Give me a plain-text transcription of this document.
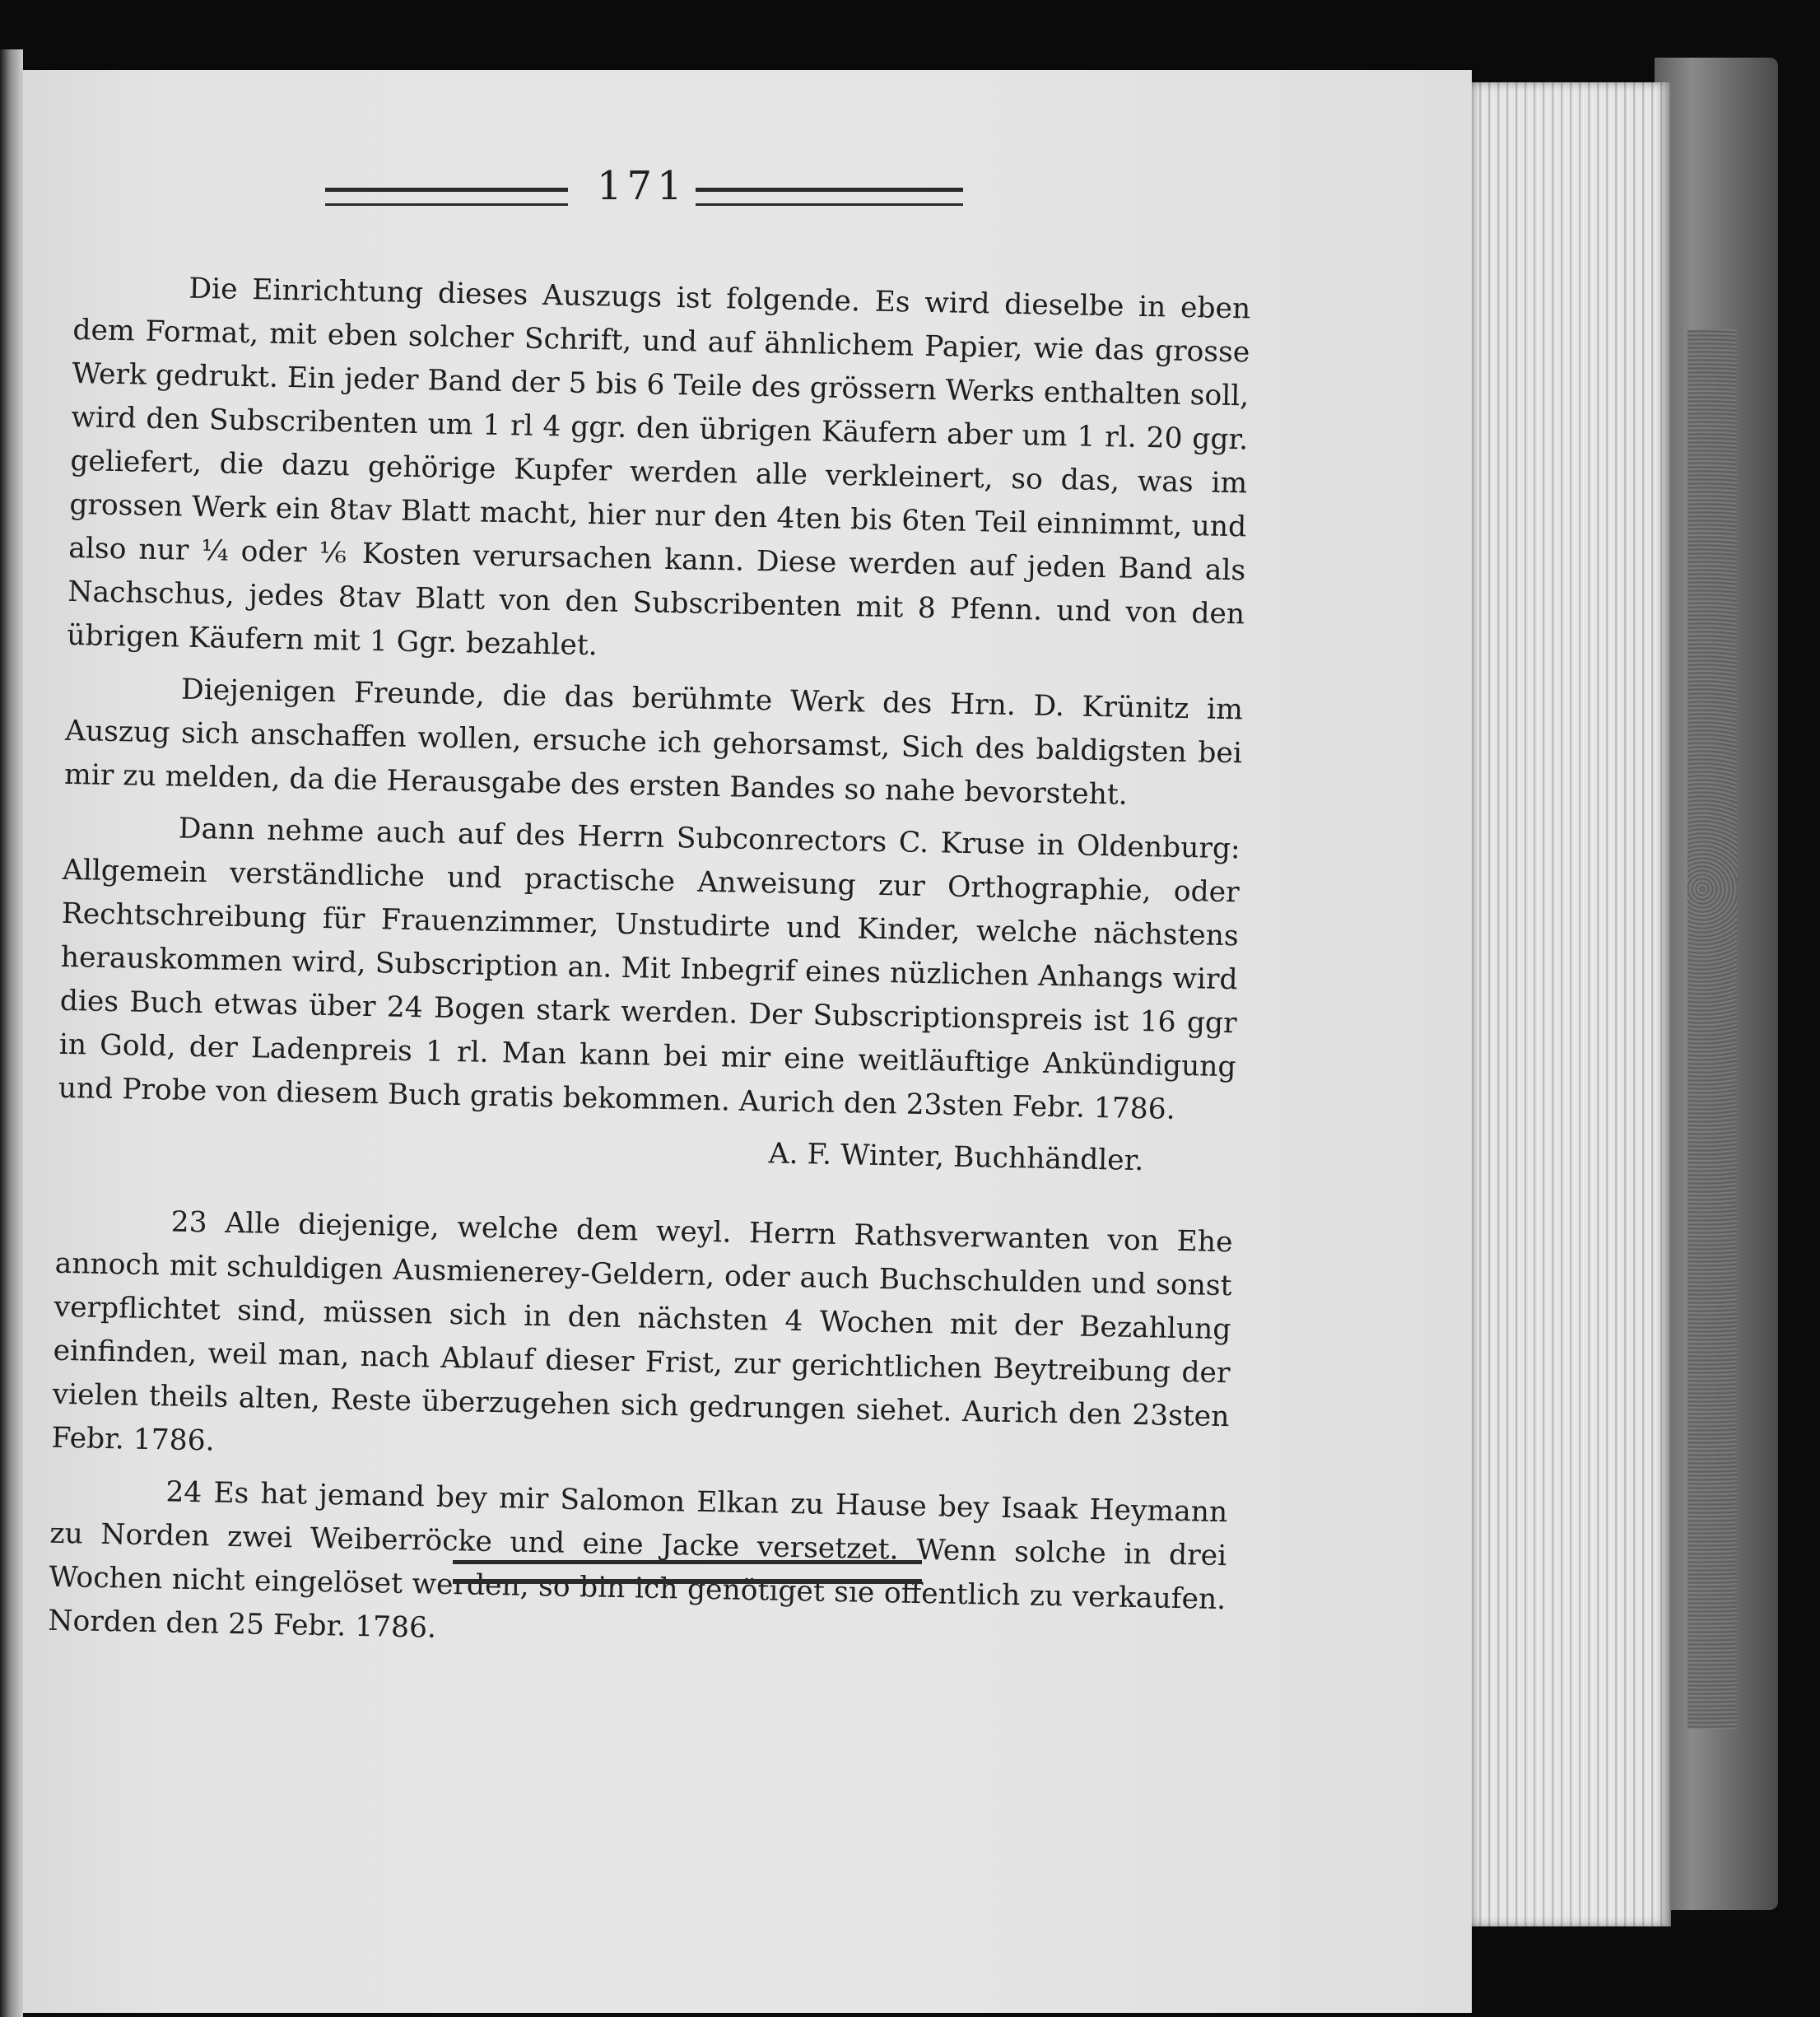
171

Die Einrichtung dieses Auszugs ist folgende. Es wird dieselbe in eben dem Format, mit eben solcher Schrift, und auf ähnlichem Papier, wie das grosse Werk gedrukt. Ein jeder Band der 5 bis 6 Teile des grössern Werks enthalten soll, wird den Subscribenten um 1 rl 4 ggr. den übrigen Käufern aber um 1 rl. 20 ggr. geliefert, die dazu gehörige Kupfer werden alle verkleinert, so das, was im grossen Werk ein 8tav Blatt macht, hier nur den 4ten bis 6ten Teil einnimmt, und also nur ¼ oder ⅙ Kosten verursachen kann. Diese werden auf jeden Band als Nachschus, jedes 8tav Blatt von den Subscribenten mit 8 Pfenn. und von den übrigen Käufern mit 1 Ggr. bezahlet.

Diejenigen Freunde, die das berühmte Werk des Hrn. D. Krünitz im Auszug sich anschaffen wollen, ersuche ich gehorsamst, Sich des baldigsten bei mir zu melden, da die Herausgabe des ersten Bandes so nahe bevorsteht.

Dann nehme auch auf des Herrn Subconrectors C. Kruse in Oldenburg: Allgemein verständliche und practische Anweisung zur Orthographie, oder Rechtschreibung für Frauenzimmer, Unstudirte und Kinder, welche nächstens herauskommen wird, Subscription an. Mit Inbegrif eines nüzlichen Anhangs wird dies Buch etwas über 24 Bogen stark werden. Der Subscriptionspreis ist 16 ggr in Gold, der Ladenpreis 1 rl. Man kann bei mir eine weitläuftige Ankündigung und Probe von diesem Buch gratis bekommen. Aurich den 23sten Febr. 1786.

A. F. Winter, Buchhändler.

23 Alle diejenige, welche dem weyl. Herrn Rathsverwanten von Ehe annoch mit schuldigen Ausmienerey-Geldern, oder auch Buchschulden und sonst verpflichtet sind, müssen sich in den nächsten 4 Wochen mit der Bezahlung einfinden, weil man, nach Ablauf dieser Frist, zur gerichtlichen Beytreibung der vielen theils alten, Reste überzugehen sich gedrungen siehet. Aurich den 23sten Febr. 1786.

24 Es hat jemand bey mir Salomon Elkan zu Hause bey Isaak Heymann zu Norden zwei Weiberröcke und eine Jacke versetzet. Wenn solche in drei Wochen nicht eingelöset werden, so bin ich genötiget sie öffentlich zu verkaufen. Norden den 25 Febr. 1786.
